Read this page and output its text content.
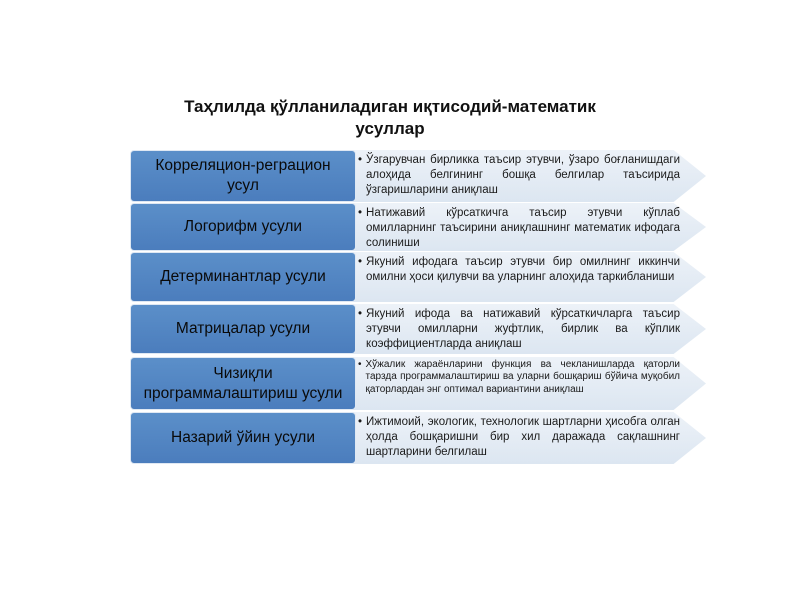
Таҳлилда қўлланиладиган иқтисодий-математик усуллар
Корреляцион-реграцион усул
• Ўзгарувчан бирликка таъсир этувчи, ўзаро боғланишдаги алоҳида белгининг бошқа белгилар таъсирида ўзгаришларини аниқлаш
Логорифм усули
• Натижавий кўрсаткичга таъсир этувчи кўплаб омилларнинг таъсирини аниқлашнинг математик ифодага солиниши
Детерминантлар усули
• Якуний ифодага таъсир этувчи бир омилнинг иккинчи омилни ҳоси қилувчи ва уларнинг алоҳида таркибланиши
Матрицалар усули
• Якуний ифода ва натижавий кўрсаткичларга таъсир этувчи омилларни жуфтлик, бирлик ва кўплик коэффициентларда аниқлаш
Чизиқли программалаштириш усули
• Хўжалик жараёнларини функция ва чекланишларда қаторли тарзда программалаштириш ва уларни бошқариш бўйича муқобил қаторлардан энг оптимал вариантини аниқлаш
Назарий ўйин усули
• Ижтимоий, экологик, технологик шартларни ҳисобга олган ҳолда бошқаришни бир хил даражада сақлашнинг шартларини белгилаш
